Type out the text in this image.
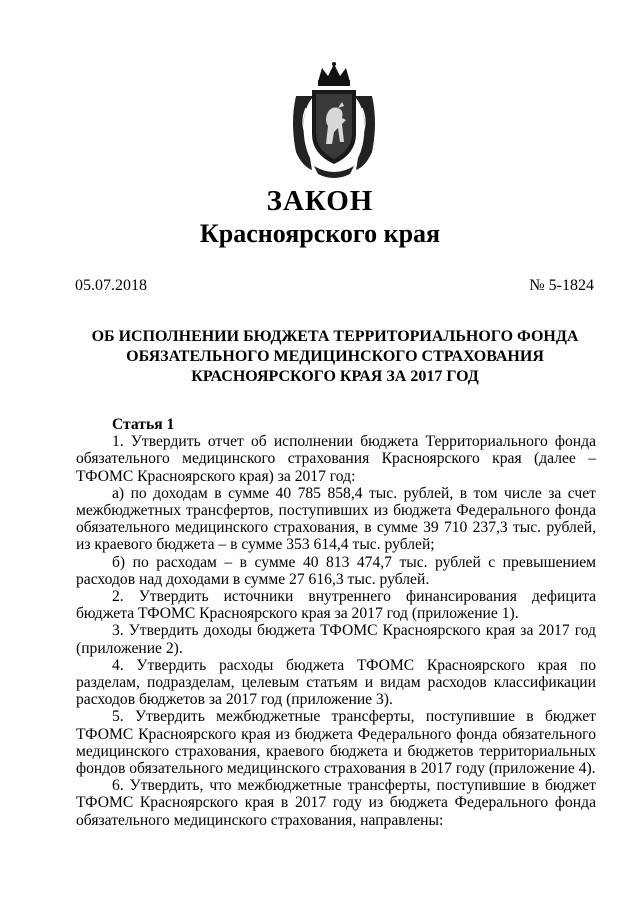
ЗАКОН
Красноярского края
05.07.2018	№ 5-1824
ОБ ИСПОЛНЕНИИ БЮДЖЕТА ТЕРРИТОРИАЛЬНОГО ФОНДА
ОБЯЗАТЕЛЬНОГО МЕДИЦИНСКОГО СТРАХОВАНИЯ
КРАСНОЯРСКОГО КРАЯ ЗА 2017 ГОД
Статья 1

1. Утвердить отчет об исполнении бюджета Территориального фонда обязательного медицинского страхования Красноярского края (далее – ТФОМС Красноярского края) за 2017 год:

а) по доходам в сумме 40 785 858,4 тыс. рублей, в том числе за счет межбюджетных трансфертов, поступивших из бюджета Федерального фонда обязательного медицинского страхования, в сумме 39 710 237,3 тыс. рублей, из краевого бюджета – в сумме 353 614,4 тыс. рублей;

б) по расходам – в сумме 40 813 474,7 тыс. рублей с превышением расходов над доходами в сумме 27 616,3 тыс. рублей.

2. Утвердить источники внутреннего финансирования дефицита бюджета ТФОМС Красноярского края за 2017 год (приложение 1).

3. Утвердить доходы бюджета ТФОМС Красноярского края за 2017 год (приложение 2).

4. Утвердить расходы бюджета ТФОМС Красноярского края по разделам, подразделам, целевым статьям и видам расходов классификации расходов бюджетов за 2017 год (приложение 3).

5. Утвердить межбюджетные трансферты, поступившие в бюджет ТФОМС Красноярского края из бюджета Федерального фонда обязательного медицинского страхования, краевого бюджета и бюджетов территориальных фондов обязательного медицинского страхования в 2017 году (приложение 4).

6. Утвердить, что межбюджетные трансферты, поступившие в бюджет ТФОМС Красноярского края в 2017 году из бюджета Федерального фонда обязательного медицинского страхования, направлены:
